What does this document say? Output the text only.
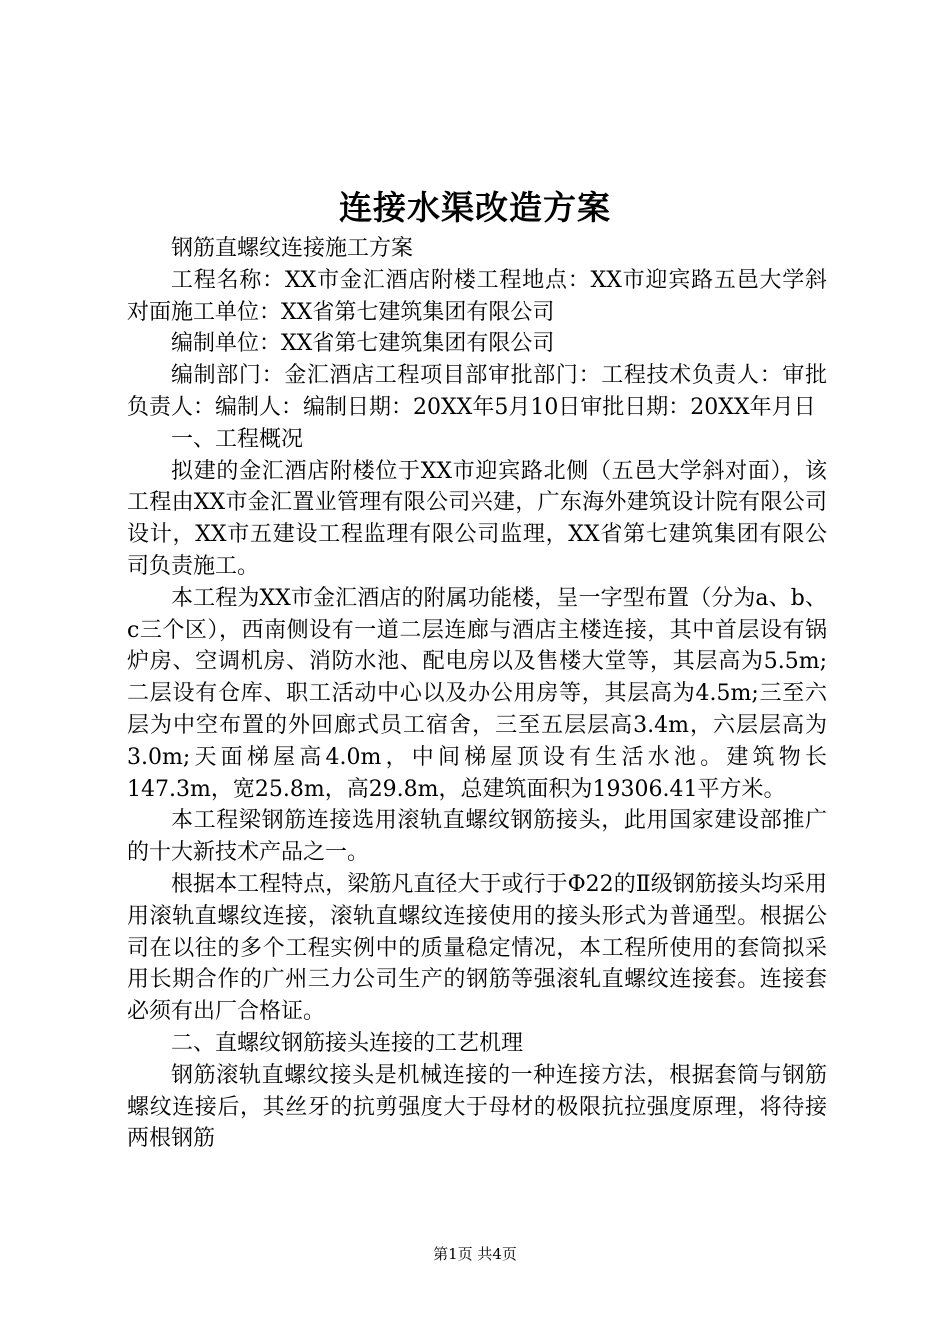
连接水渠改造方案

钢筋直螺纹连接施工方案

工程名称：XX市金汇酒店附楼工程地点：XX市迎宾路五邑大学斜对面施工单位：XX省第七建筑集团有限公司

编制单位：XX省第七建筑集团有限公司

编制部门：金汇酒店工程项目部审批部门：工程技术负责人：审批负责人：编制人：编制日期：20XX年5月10日审批日期：20XX年月日

一、工程概况

拟建的金汇酒店附楼位于XX市迎宾路北侧（五邑大学斜对面），该工程由XX市金汇置业管理有限公司兴建，广东海外建筑设计院有限公司设计，XX市五建设工程监理有限公司监理，XX省第七建筑集团有限公司负责施工。

本工程为XX市金汇酒店的附属功能楼，呈一字型布置（分为a、b、c三个区），西南侧设有一道二层连廊与酒店主楼连接，其中首层设有锅炉房、空调机房、消防水池、配电房以及售楼大堂等，其层高为5.5m;二层设有仓库、职工活动中心以及办公用房等，其层高为4.5m;三至六层为中空布置的外回廊式员工宿舍，三至五层层高3.4m，六层层高为3.0m;天面梯屋高4.0m，中间梯屋顶设有生活水池。建筑物长147.3m，宽25.8m，高29.8m，总建筑面积为19306.41平方米。

本工程梁钢筋连接选用滚轨直螺纹钢筋接头，此用国家建设部推广的十大新技术产品之一。

根据本工程特点，梁筋凡直径大于或行于Φ22的Ⅱ级钢筋接头均采用用滚轨直螺纹连接，滚轨直螺纹连接使用的接头形式为普通型。根据公司在以往的多个工程实例中的质量稳定情况，本工程所使用的套筒拟采用长期合作的广州三力公司生产的钢筋等强滚轧直螺纹连接套。连接套必须有出厂合格证。

二、直螺纹钢筋接头连接的工艺机理

钢筋滚轨直螺纹接头是机械连接的一种连接方法，根据套筒与钢筋螺纹连接后，其丝牙的抗剪强度大于母材的极限抗拉强度原理，将待接两根钢筋

第1页 共4页
